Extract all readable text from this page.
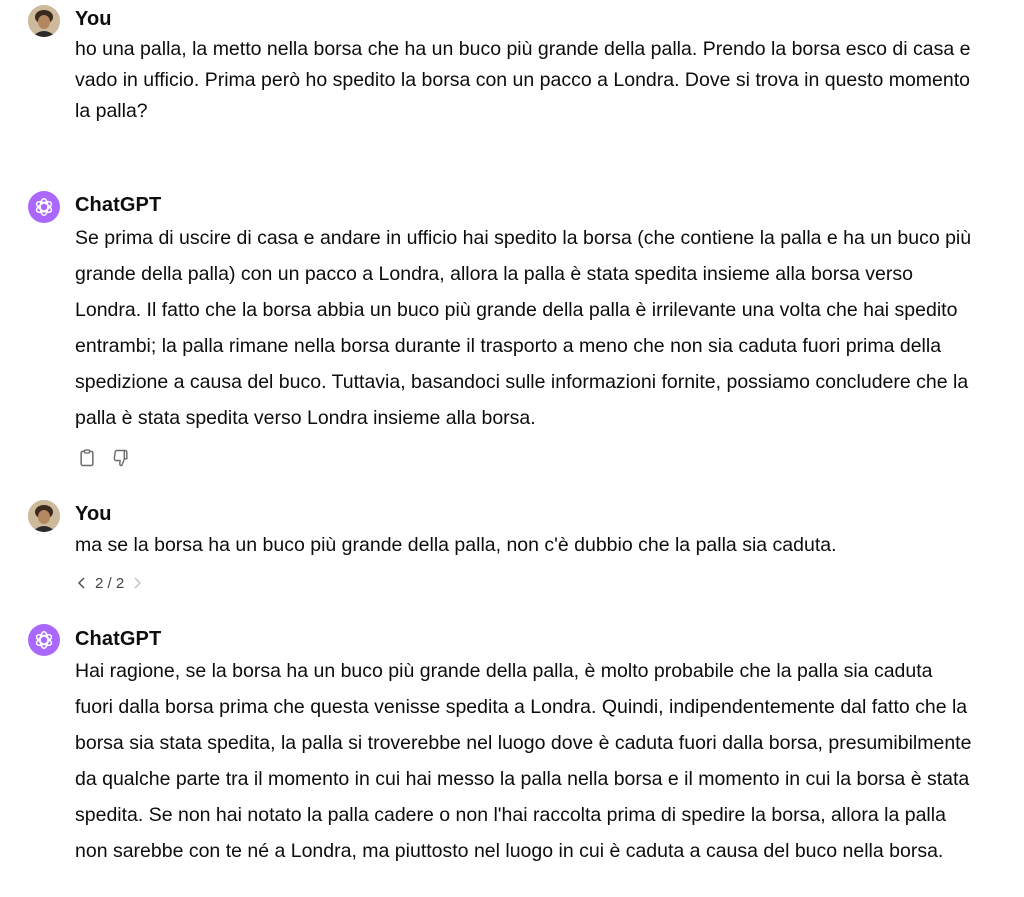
You

ho una palla, la metto nella borsa che ha un buco più grande della palla. Prendo la borsa esco di casa e vado in ufficio. Prima però ho spedito la borsa con un pacco a Londra. Dove si trova in questo momento la palla?

ChatGPT

Se prima di uscire di casa e andare in ufficio hai spedito la borsa (che contiene la palla e ha un buco più grande della palla) con un pacco a Londra, allora la palla è stata spedita insieme alla borsa verso Londra. Il fatto che la borsa abbia un buco più grande della palla è irrilevante una volta che hai spedito entrambi; la palla rimane nella borsa durante il trasporto a meno che non sia caduta fuori prima della spedizione a causa del buco. Tuttavia, basandoci sulle informazioni fornite, possiamo concludere che la palla è stata spedita verso Londra insieme alla borsa.

You

ma se la borsa ha un buco più grande della palla, non c'è dubbio che la palla sia caduta.

2 / 2
ChatGPT

Hai ragione, se la borsa ha un buco più grande della palla, è molto probabile che la palla sia caduta fuori dalla borsa prima che questa venisse spedita a Londra. Quindi, indipendentemente dal fatto che la borsa sia stata spedita, la palla si troverebbe nel luogo dove è caduta fuori dalla borsa, presumibilmente da qualche parte tra il momento in cui hai messo la palla nella borsa e il momento in cui la borsa è stata spedita. Se non hai notato la palla cadere o non l'hai raccolta prima di spedire la borsa, allora la palla non sarebbe con te né a Londra, ma piuttosto nel luogo in cui è caduta a causa del buco nella borsa.
